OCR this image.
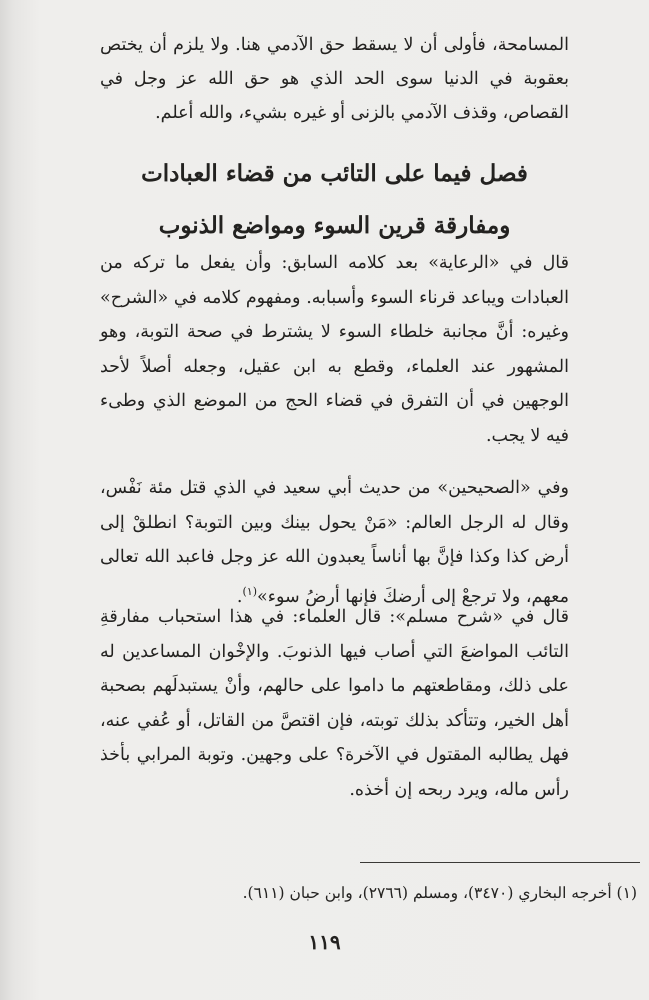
المسامحة، فأولى أن لا يسقط حق الآدمي هنا. ولا يلزم أن يختص بعقوبة في الدنيا سوى الحد الذي هو حق الله عز وجل في القصاص، وقذف الآدمي بالزنى أو غيره بشيء، والله أعلم.

فصل فيما على التائب من قضاء العبادات
ومفارقة قرين السوء ومواضع الذنوب
قال في «الرعاية» بعد كلامه السابق: وأن يفعل ما تركه من العبادات ويباعد قرناء السوء وأسبابه. ومفهوم كلامه في «الشرح» وغيره: أنَّ مجانبة خلطاء السوء لا يشترط في صحة التوبة، وهو المشهور عند العلماء، وقطع به ابن عقيل، وجعله أصلاً لأحد الوجهين في أن التفرق في قضاء الحج من الموضع الذي وطىء فيه لا يجب.
وفي «الصحيحين» من حديث أبي سعيد في الذي قتل مئة نَفْس، وقال له الرجل العالم: «مَنْ يحول بينك وبين التوبة؟ انطلقْ إلى أرض كذا وكذا فإنَّ بها أناساً يعبدون الله عز وجل فاعبد الله تعالى معهم، ولا ترجعْ إلى أرضكَ فإنها أرضُ سوء»$^{(١)}$.
قال في «شرح مسلم»: قال العلماء: في هذا استحباب مفارقةِ التائب المواضعَ التي أصاب فيها الذنوبَ. والإخْوان المساعدين له على ذلك، ومقاطعتهم ما داموا على حالهم، وأنْ يستبدلَهم بصحبة أهل الخير، وتتأكد بذلك توبته، فإن اقتصَّ من القاتل، أو عُفي عنه، فهل يطالبه المقتول في الآخرة؟ على وجهين. وتوبة المرابي بأخذ رأس ماله، ويرد ربحه إن أخذه.
(١) أخرجه البخاري (٣٤٧٠)، ومسلم (٢٧٦٦)، وابن حبان (٦١١).
١١٩
